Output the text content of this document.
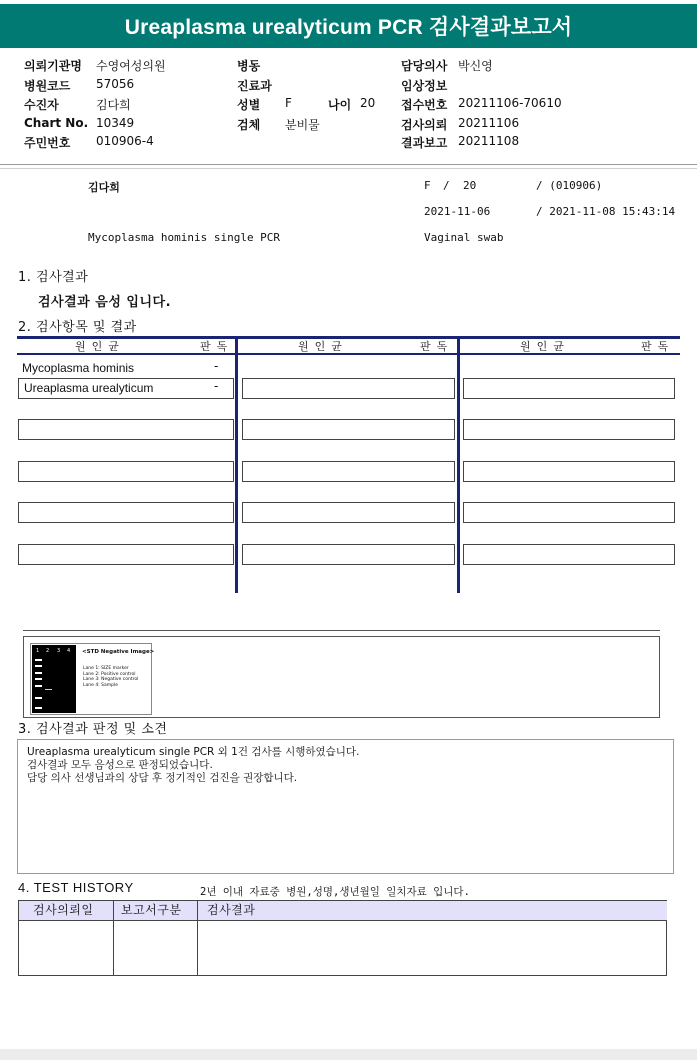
Ureaplasma urealyticum PCR 검사결과보고서
의뢰기관명 수영여성의원
병원코드 57056
수진자	김다희
Chart No. 10349
주민번호 010906-4
병동
진료과
성별 F	나이 20
검체 분비물
담당의사 박신영
임상정보
접수번호 20211106-70610
검사의뢰 20211106
결과보고 20211108
김다희	F / 20	/ (010906)
2021-11-06	/ 2021-11-08 15:43:14
Mycoplasma hominis single PCR	Vaginal swab
1. 검사결과
검사결과 음성 입니다.
2. 검사항목 및 결과
원인균	판독	원인균	판독	원인균	판독
Mycoplasma hominis	-
Ureaplasma urealyticum	-
1 2 3 4 <STD Negative Image>
Lane 1: SIZE marker
Lane 2: Positive control
Lane 3: Negative control
Lane 4: Sample
3. 검사결과 판정 및 소견
Ureaplasma urealyticum single PCR 외 1건 검사를 시행하였습니다.
검사결과 모두 음성으로 판정되었습니다.
담당 의사 선생님과의 상담 후 정기적인 검진을 권장합니다.
4. TEST HISTORY	2년 이내 자료중 병원,성명,생년월일 일치자료 입니다.
검사의뢰일	보고서구분	검사결과
